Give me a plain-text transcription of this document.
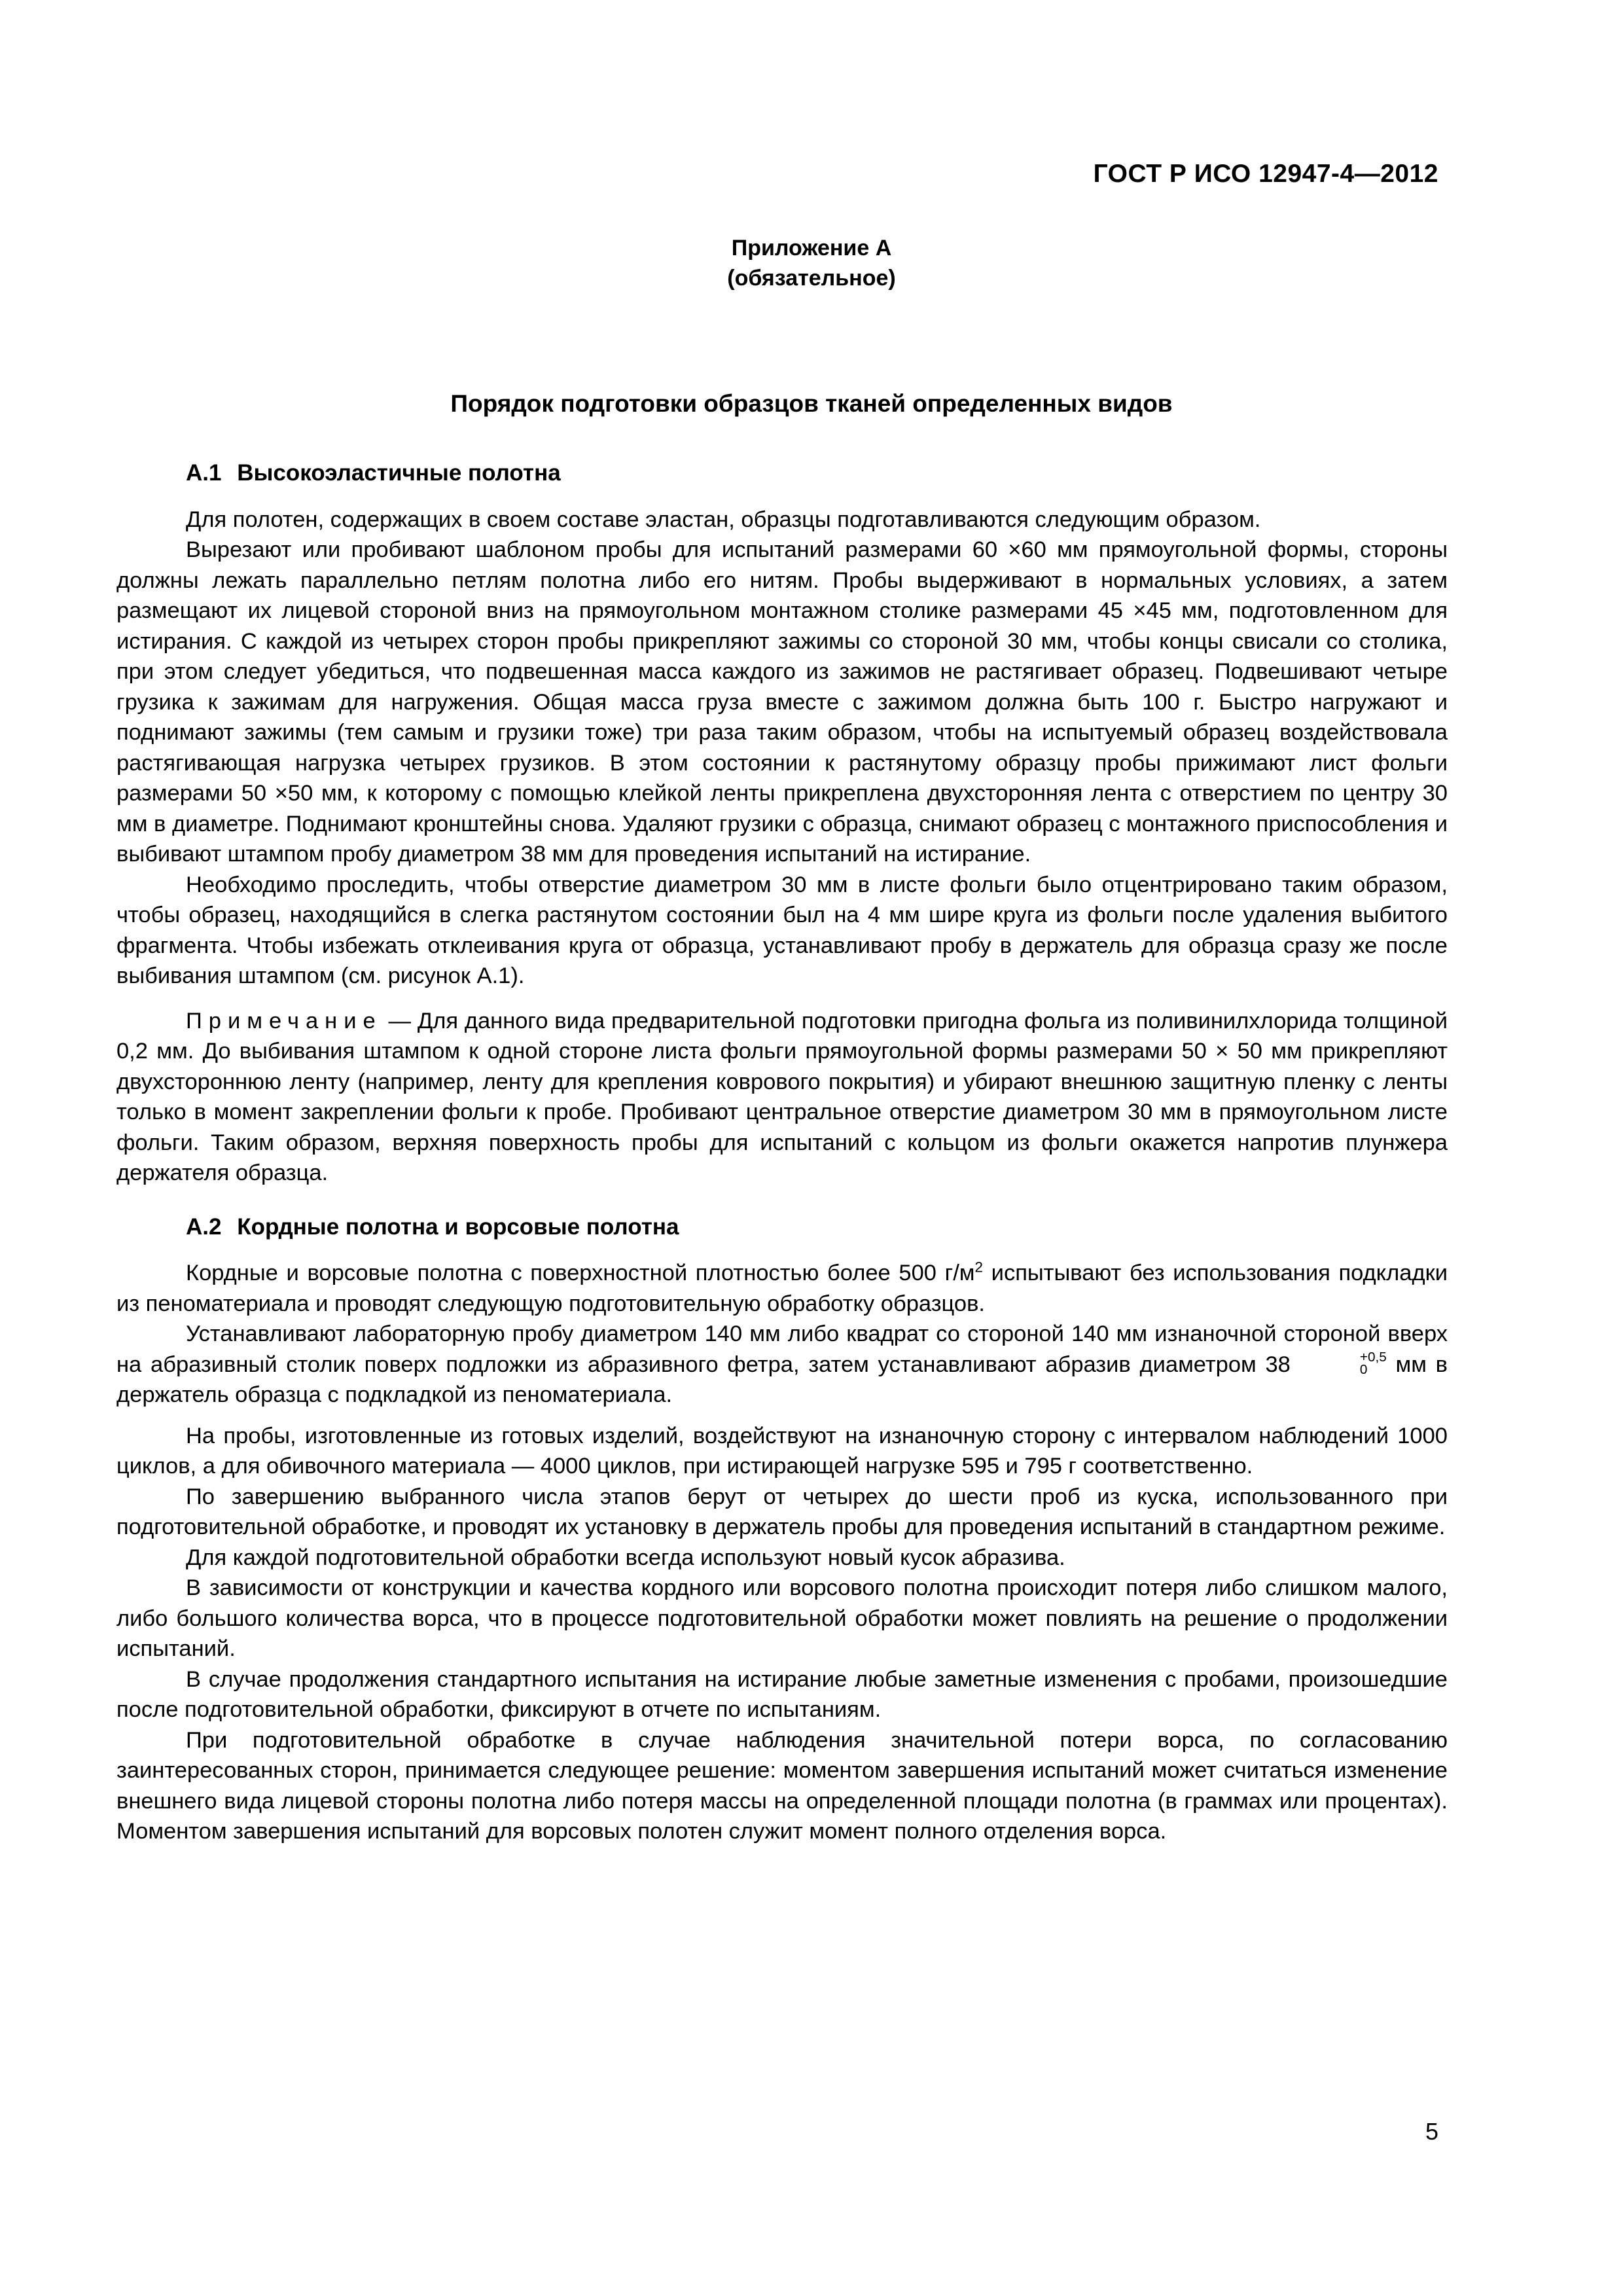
ГОСТ Р ИСО 12947-4—2012
Приложение А
(обязательное)
Порядок подготовки образцов тканей определенных видов
А.1 Высокоэластичные полотна

Для полотен, содержащих в своем составе эластан, образцы подготавливаются следующим образом.

Вырезают или пробивают шаблоном пробы для испытаний размерами 60 ×60 мм прямоугольной формы, стороны должны лежать параллельно петлям полотна либо его нитям. Пробы выдерживают в нормальных условиях, а затем размещают их лицевой стороной вниз на прямоугольном монтажном столике размерами 45 ×45 мм, подготовленном для истирания. С каждой из четырех сторон пробы прикрепляют зажимы со стороной 30 мм, чтобы концы свисали со столика, при этом следует убедиться, что подвешенная масса каждого из зажимов не растягивает образец. Подвешивают четыре грузика к зажимам для нагружения. Общая масса груза вместе с зажимом должна быть 100 г. Быстро нагружают и поднимают зажимы (тем самым и грузики тоже) три раза таким образом, чтобы на испытуемый образец воздействовала растягивающая нагрузка четырех грузиков. В этом состоянии к растянутому образцу пробы прижимают лист фольги размерами 50 ×50 мм, к которому с помощью клейкой ленты прикреплена двухсторонняя лента с отверстием по центру 30 мм в диаметре. Поднимают кронштейны снова. Удаляют грузики с образца, снимают образец с монтажного приспособления и выбивают штампом пробу диаметром 38 мм для проведения испытаний на истирание.

Необходимо проследить, чтобы отверстие диаметром 30 мм в листе фольги было отцентрировано таким образом, чтобы образец, находящийся в слегка растянутом состоянии был на 4 мм шире круга из фольги после удаления выбитого фрагмента. Чтобы избежать отклеивания круга от образца, устанавливают пробу в держатель для образца сразу же после выбивания штампом (см. рисунок А.1).

Примечание — Для данного вида предварительной подготовки пригодна фольга из поливинилхлорида толщиной 0,2 мм. До выбивания штампом к одной стороне листа фольги прямоугольной формы размерами 50 × 50 мм прикрепляют двухстороннюю ленту (например, ленту для крепления коврового покрытия) и убирают внешнюю защитную пленку с ленты только в момент закреплении фольги к пробе. Пробивают центральное отверстие диаметром 30 мм в прямоугольном листе фольги. Таким образом, верхняя поверхность пробы для испытаний с кольцом из фольги окажется напротив плунжера держателя образца.

А.2 Кордные полотна и ворсовые полотна

Кордные и ворсовые полотна с поверхностной плотностью более 500 $г/м^2$ испытывают без использования подкладки из пеноматериала и проводят следующую подготовительную обработку образцов.

Устанавливают лабораторную пробу диаметром 140 мм либо квадрат со стороной 140 мм изнаночной стороной вверх на абразивный столик поверх подложки из абразивного фетра, затем устанавливают абразив диаметром 38	+0,5
0 мм в держатель образца с подкладкой из пеноматериала.

На пробы, изготовленные из готовых изделий, воздействуют на изнаночную сторону с интервалом наблюдений 1000 циклов, а для обивочного материала — 4000 циклов, при истирающей нагрузке 595 и 795 г соответственно.

По завершению выбранного числа этапов берут от четырех до шести проб из куска, использованного при подготовительной обработке, и проводят их установку в держатель пробы для проведения испытаний в стандартном режиме.

Для каждой подготовительной обработки всегда используют новый кусок абразива.

В зависимости от конструкции и качества кордного или ворсового полотна происходит потеря либо слишком малого, либо большого количества ворса, что в процессе подготовительной обработки может повлиять на решение о продолжении испытаний.

В случае продолжения стандартного испытания на истирание любые заметные изменения с пробами, произошедшие после подготовительной обработки, фиксируют в отчете по испытаниям.

При подготовительной обработке в случае наблюдения значительной потери ворса, по согласованию заинтересованных сторон, принимается следующее решение: моментом завершения испытаний может считаться изменение внешнего вида лицевой стороны полотна либо потеря массы на определенной площади полотна (в граммах или процентах). Моментом завершения испытаний для ворсовых полотен служит момент полного отделения ворса.

5
